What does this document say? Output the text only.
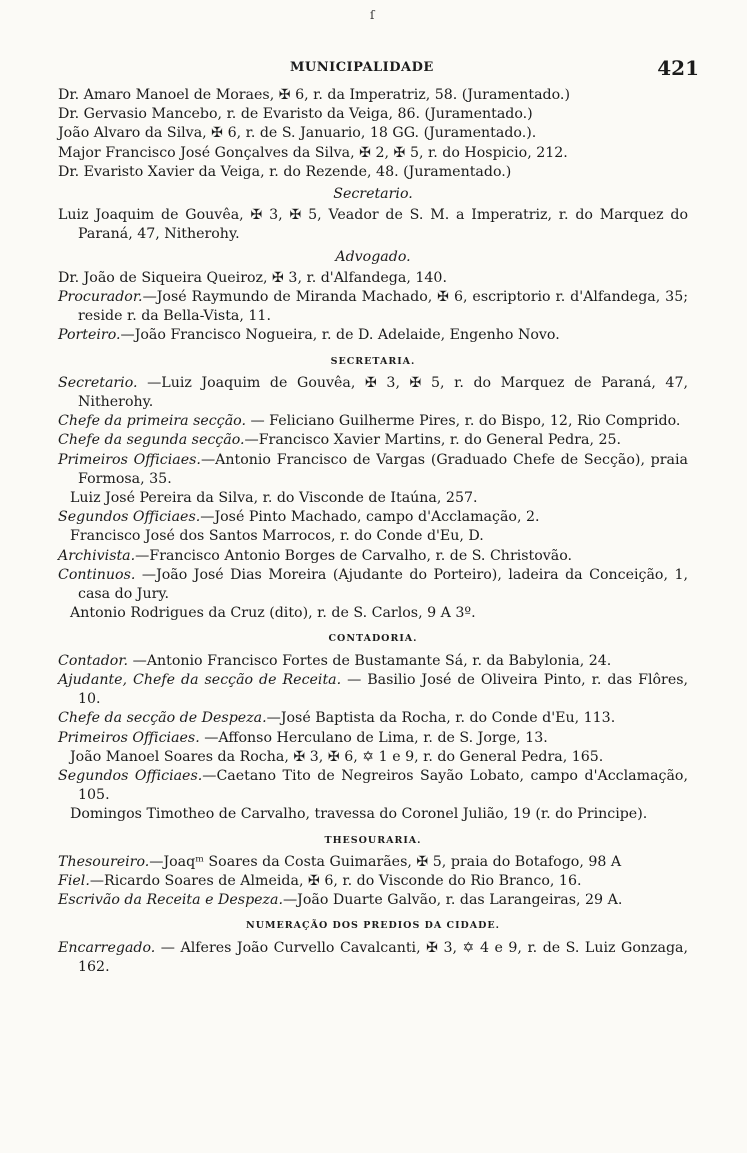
ſ
MUNICIPALIDADE	421

Dr. Amaro Manoel de Moraes, ✠ 6, r. da Imperatriz, 58. (Juramentado.)

Dr. Gervasio Mancebo, r. de Evaristo da Veiga, 86. (Juramentado.)

João Alvaro da Silva, ✠ 6, r. de S. Januario, 18 GG. (Juramentado.).

Major Francisco José Gonçalves da Silva, ✠ 2, ✠ 5, r. do Hospicio, 212.

Dr. Evaristo Xavier da Veiga, r. do Rezende, 48. (Juramentado.)

Secretario.

Luiz Joaquim de Gouvêa, ✠ 3, ✠ 5, Veador de S. M. a Imperatriz, r. do Marquez do Paraná, 47, Nitherohy.

Advogado.

Dr. João de Siqueira Queiroz, ✠ 3, r. d'Alfandega, 140.

Procurador.—José Raymundo de Miranda Machado, ✠ 6, escriptorio r. d'Alfandega, 35; reside r. da Bella-Vista, 11.

Porteiro.—João Francisco Nogueira, r. de D. Adelaide, Engenho Novo.

SECRETARIA.

Secretario. —Luiz Joaquim de Gouvêa, ✠ 3, ✠ 5, r. do Marquez de Paraná, 47, Nitherohy.

Chefe da primeira secção. — Feliciano Guilherme Pires, r. do Bispo, 12, Rio Comprido.

Chefe da segunda secção.—Francisco Xavier Martins, r. do General Pedra, 25.

Primeiros Officiaes.—Antonio Francisco de Vargas (Graduado Chefe de Secção), praia Formosa, 35.

Luiz José Pereira da Silva, r. do Visconde de Itaúna, 257.

Segundos Officiaes.—José Pinto Machado, campo d'Acclamação, 2.

Francisco José dos Santos Marrocos, r. do Conde d'Eu, D.

Archivista.—Francisco Antonio Borges de Carvalho, r. de S. Christovão.

Continuos. —João José Dias Moreira (Ajudante do Porteiro), ladeira da Conceição, 1, casa do Jury.

Antonio Rodrigues da Cruz (dito), r. de S. Carlos, 9 A 3º.

CONTADORIA.

Contador. —Antonio Francisco Fortes de Bustamante Sá, r. da Babylonia, 24.

Ajudante, Chefe da secção de Receita. — Basilio José de Oliveira Pinto, r. das Flôres, 10.

Chefe da secção de Despeza.—José Baptista da Rocha, r. do Conde d'Eu, 113.

Primeiros Officiaes. —Affonso Herculano de Lima, r. de S. Jorge, 13.

João Manoel Soares da Rocha, ✠ 3, ✠ 6, ✡ 1 e 9, r. do General Pedra, 165.

Segundos Officiaes.—Caetano Tito de Negreiros Sayão Lobato, campo d'Acclamação, 105.

Domingos Timotheo de Carvalho, travessa do Coronel Julião, 19 (r. do Principe).

THESOURARIA.

Thesoureiro.—Joaqᵐ Soares da Costa Guimarães, ✠ 5, praia do Botafogo, 98 A

Fiel.—Ricardo Soares de Almeida, ✠ 6, r. do Visconde do Rio Branco, 16.

Escrivão da Receita e Despeza.—João Duarte Galvão, r. das Larangeiras, 29 A.

NUMERAÇÃO DOS PREDIOS DA CIDADE.

Encarregado. — Alferes João Curvello Cavalcanti, ✠ 3, ✡ 4 e 9, r. de S. Luiz Gonzaga, 162.
